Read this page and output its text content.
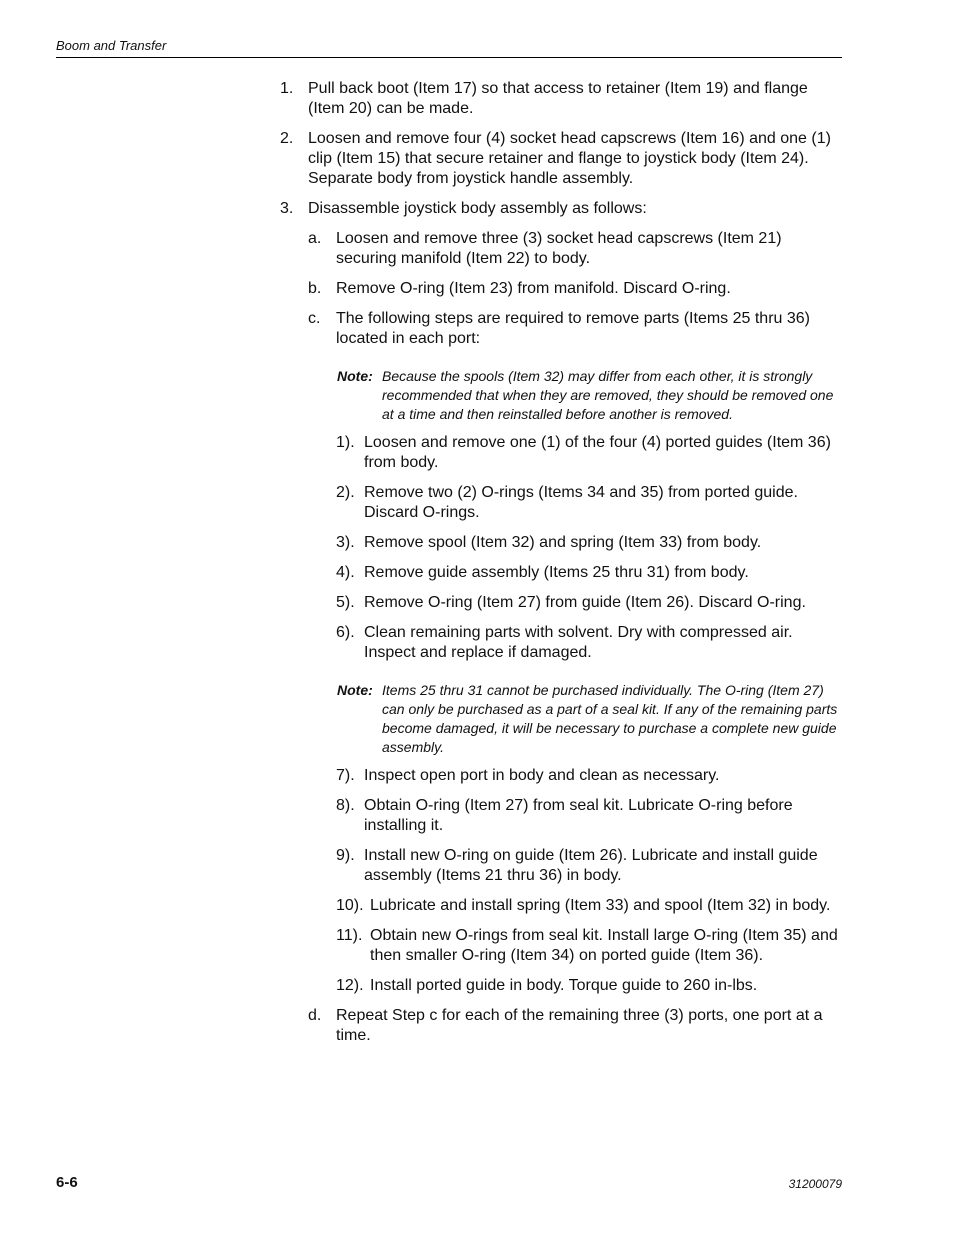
Boom and Transfer
1. Pull back boot (Item 17) so that access to retainer (Item 19) and flange (Item 20) can be made.
2. Loosen and remove four (4) socket head capscrews (Item 16) and one (1) clip (Item 15) that secure retainer and flange to joystick body (Item 24). Separate body from joystick handle assembly.
3. Disassemble joystick body assembly as follows:
a. Loosen and remove three (3) socket head capscrews (Item 21) securing manifold (Item 22) to body.
b. Remove O-ring (Item 23) from manifold. Discard O-ring.
c. The following steps are required to remove parts (Items 25 thru 36) located in each port:
Note: Because the spools (Item 32) may differ from each other, it is strongly recommended that when they are removed, they should be removed one at a time and then reinstalled before another is removed.
1). Loosen and remove one (1) of the four (4) ported guides (Item 36) from body.
2). Remove two (2) O-rings (Items 34 and 35) from ported guide. Discard O-rings.
3). Remove spool (Item 32) and spring (Item 33) from body.
4). Remove guide assembly (Items 25 thru 31) from body.
5). Remove O-ring (Item 27) from guide (Item 26). Discard O-ring.
6). Clean remaining parts with solvent. Dry with compressed air. Inspect and replace if damaged.
Note: Items 25 thru 31 cannot be purchased individually. The O-ring (Item 27) can only be purchased as a part of a seal kit. If any of the remaining parts become damaged, it will be necessary to purchase a complete new guide assembly.
7). Inspect open port in body and clean as necessary.
8). Obtain O-ring (Item 27) from seal kit. Lubricate O-ring before installing it.
9). Install new O-ring on guide (Item 26). Lubricate and install guide assembly (Items 21 thru 36) in body.
10). Lubricate and install spring (Item 33) and spool (Item 32) in body.
11). Obtain new O-rings from seal kit. Install large O-ring (Item 35) and then smaller O-ring (Item 34) on ported guide (Item 36).
12). Install ported guide in body. Torque guide to 260 in-lbs.
d. Repeat Step c for each of the remaining three (3) ports, one port at a time.
6-6	31200079
